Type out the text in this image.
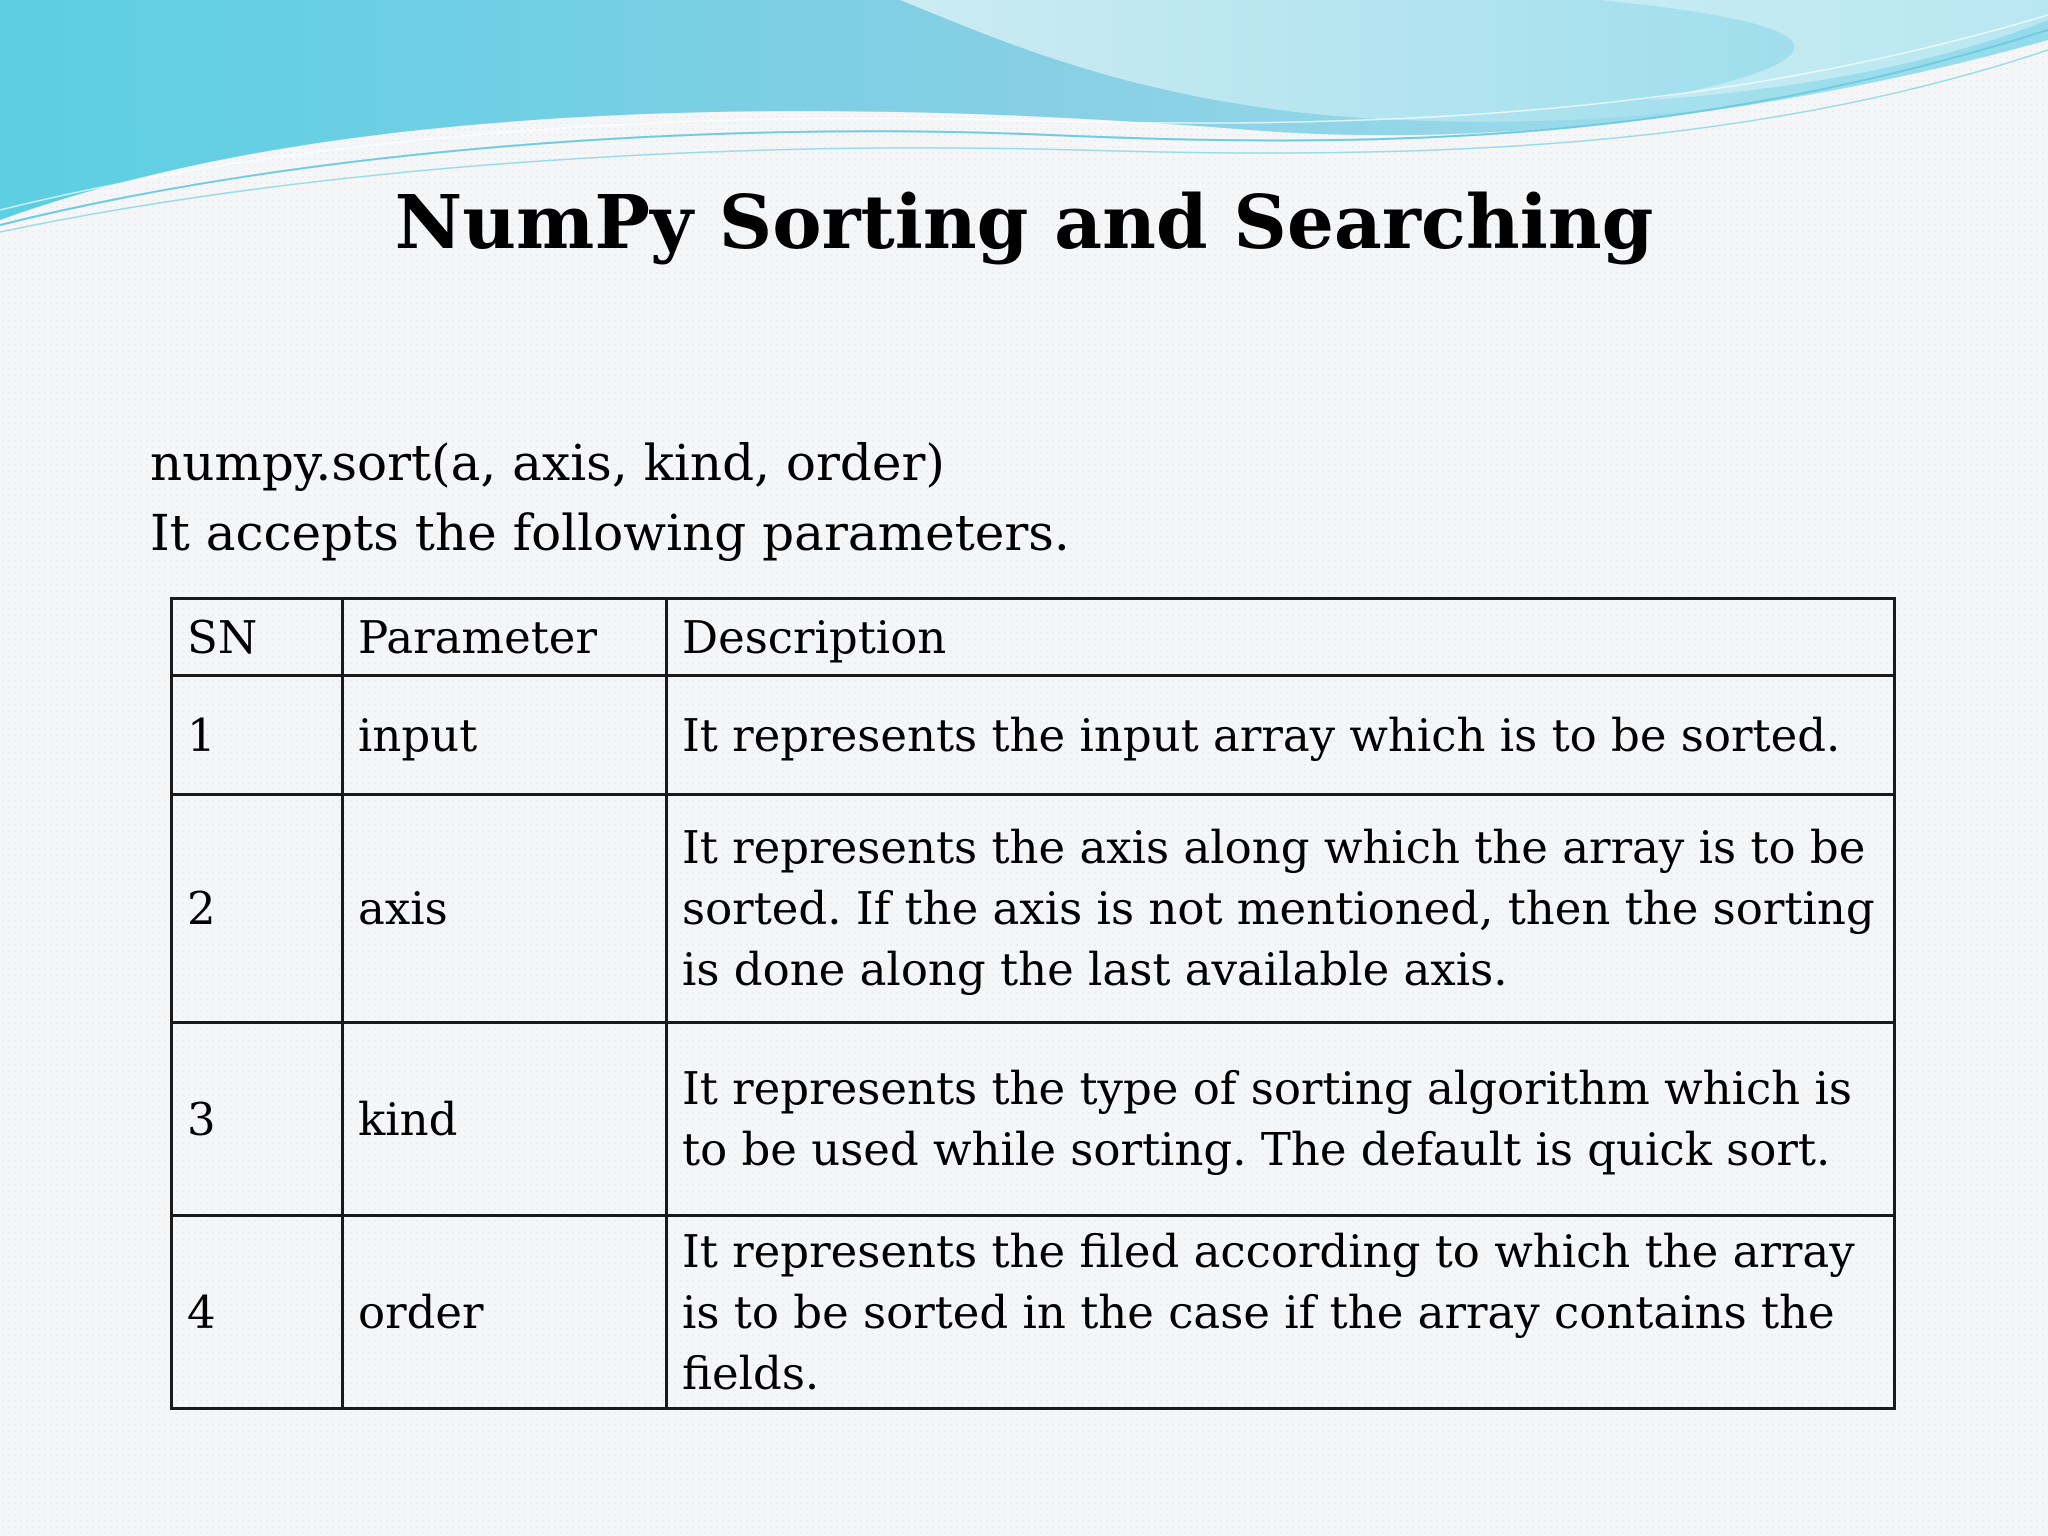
NumPy Sorting and Searching
numpy.sort(a, axis, kind, order)
It accepts the following parameters.
SN	Parameter	Description
1	input	It represents the input array which is to be sorted.
2	axis	It represents the axis along which the array is to be sorted. If the axis is not mentioned, then the sorting is done along the last available axis.
3	kind	It represents the type of sorting algorithm which is to be used while sorting. The default is quick sort.
4	order	It represents the filed according to which the array is to be sorted in the case if the array contains the fields.
